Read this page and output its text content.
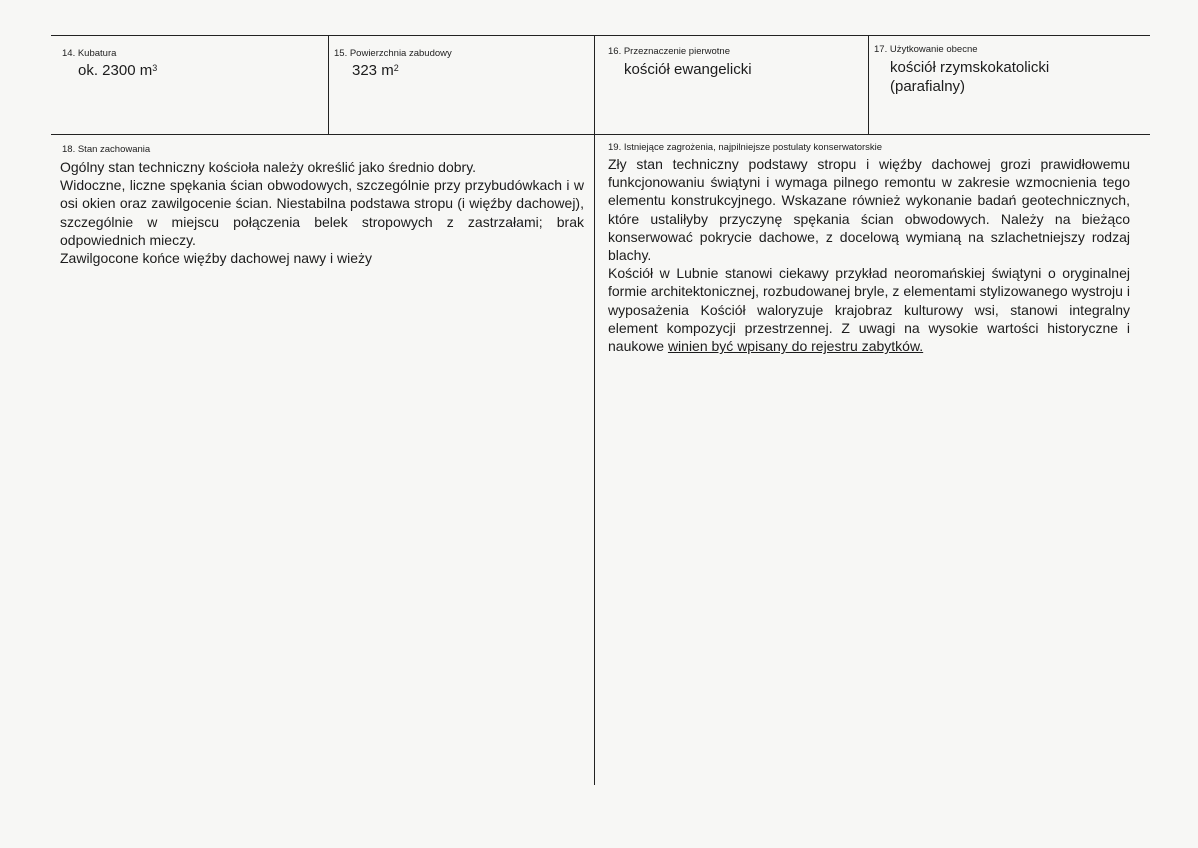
14. Kubatura
ok. 2300 $m^3$
15. Powierzchnia zabudowy
323 $m^2$
16. Przeznaczenie pierwotne
kościół ewangelicki
17. Użytkowanie obecne
kościół rzymskokatolicki
(parafialny)
18. Stan zachowania

Ogólny stan techniczny kościoła należy określić jako średnio dobry.

Widoczne, liczne spękania ścian obwodowych, szczególnie przy przybudówkach i w osi okien oraz zawilgocenie ścian. Niestabilna podstawa stropu (i więźby dachowej), szczególnie w miejscu połączenia belek stropowych z zastrzałami; brak odpowiednich mieczy.

Zawilgocone końce więźby dachowej nawy i wieży

19. Istniejące zagrożenia, najpilniejsze postulaty konserwatorskie

Zły stan techniczny podstawy stropu i więźby dachowej grozi prawidłowemu funkcjonowaniu świątyni i wymaga pilnego remontu w zakresie wzmocnienia tego elementu konstrukcyjnego. Wskazane również wykonanie badań geotechnicznych, które ustaliłyby przyczynę spękania ścian obwodowych. Należy na bieżąco konserwować pokrycie dachowe, z docelową wymianą na szlachetniejszy rodzaj blachy.

Kościół w Lubnie stanowi ciekawy przykład neoromańskiej świątyni o oryginalnej formie architektonicznej, rozbudowanej bryle, z elementami stylizowanego wystroju i wyposażenia Kościół waloryzuje krajobraz kulturowy wsi, stanowi integralny element kompozycji przestrzennej. Z uwagi na wysokie wartości historyczne i naukowe winien być wpisany do rejestru zabytków.
